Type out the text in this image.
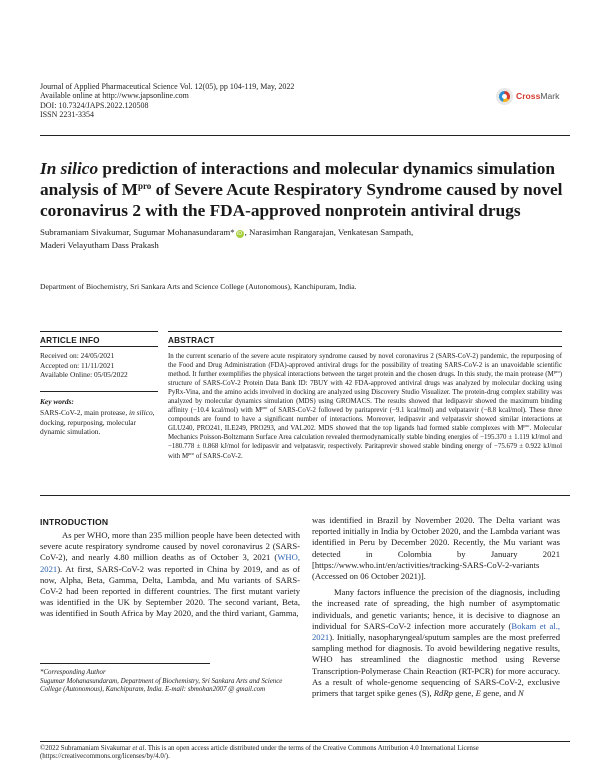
Journal of Applied Pharmaceutical Science Vol. 12(05), pp 104-119, May, 2022
Available online at http://www.japsonline.com
DOI: 10.7324/JAPS.2022.120508
ISSN 2231-3354
CrossMark
In silico prediction of interactions and molecular dynamics simulation analysis of $M^{pro}$ of Severe Acute Respiratory Syndrome caused by novel coronavirus 2 with the FDA-approved nonprotein antiviral drugs
Subramaniam Sivakumar, Sugumar Mohanasundaram* iD , Narasimhan Rangarajan, Venkatesan Sampath,
Maderi Velayutham Dass Prakash
Department of Biochemistry, Sri Sankara Arts and Science College (Autonomous), Kanchipuram, India.
ARTICLE INFO	ABSTRACT
Received on: 24/05/2021
Accepted on: 11/11/2021
Available Online: 05/05/2022
Key words:
SARS-CoV-2, main protease, in silico, docking, repurposing, molecular dynamic simulation.
In the current scenario of the severe acute respiratory syndrome caused by novel coronavirus 2 (SARS-CoV-2) pandemic, the repurposing of the Food and Drug Administration (FDA)-approved antiviral drugs for the possibility of treating SARS-CoV-2 is an unavoidable scientific method. It further exemplifies the physical interactions between the target protein and the chosen drugs. In this study, the main protease $(M^{pro})$ structure of SARS-CoV-2 Protein Data Bank ID: 7BUY with 42 FDA-approved antiviral drugs was analyzed by molecular docking using PyRx-Vina, and the amino acids involved in docking are analyzed using Discovery Studio Visualizer. The protein-drug complex stability was analyzed by molecular dynamics simulation (MDS) using GROMACS. The results showed that ledipasvir showed the maximum binding affinity (−10.4 kcal/mol) with $M^{pro}$ of SARS-CoV-2 followed by paritaprevir (−9.1 kcal/mol) and velpatasvir (−8.8 kcal/mol). These three compounds are found to have a significant number of interactions. Moreover, ledipasvir and velpatasvir showed similar interactions at GLU240, PRO241, ILE249, PRO293, and VAL202. MDS showed that the top ligands had formed stable complexes with $M^{pro}$. Molecular Mechanics Poisson-Boltzmann Surface Area calculation revealed thermodynamically stable binding energies of −195.370 ± 1.119 kJ/mol and −180.778 ± 0.868 kJ/mol for ledipasvir and velpatasvir, respectively. Paritaprevir showed stable binding energy of −75.679 ± 0.922 kJ/mol with $M^{pro}$ of SARS-CoV-2.
INTRODUCTION

As per WHO, more than 235 million people have been detected with severe acute respiratory syndrome caused by novel coronavirus 2 (SARS-CoV-2), and nearly 4.80 million deaths as of October 3, 2021 (WHO, 2021). At first, SARS-CoV-2 was reported in China by 2019, and as of now, Alpha, Beta, Gamma, Delta, Lambda, and Mu variants of SARS-CoV-2 had been reported in different countries. The first mutant variety was identified in the UK by September 2020. The second variant, Beta, was identified in South Africa by May 2020, and the third variant, Gamma,

was identified in Brazil by November 2020. The Delta variant was reported initially in India by October 2020, and the Lambda variant was identified in Peru by December 2020. Recently, the Mu variant was detected in Colombia by January 2021 [https://www.who.int/en/activities/tracking-SARS-CoV-2-variants (Accessed on 06 October 2021)].

Many factors influence the precision of the diagnosis, including the increased rate of spreading, the high number of asymptomatic individuals, and genetic variants; hence, it is decisive to diagnose an individual for SARS-CoV-2 infection more accurately (Bokam et al., 2021). Initially, nasopharyngeal/sputum samples are the most preferred sampling method for diagnosis. To avoid bewildering negative results, WHO has streamlined the diagnostic method using Reverse Transcription-Polymerase Chain Reaction (RT-PCR) for more accuracy. As a result of whole-genome sequencing of SARS-CoV-2, exclusive primers that target spike genes (S), RdRp gene, E gene, and N

*Corresponding Author
Sugumar Mohanasundaram, Department of Biochemistry, Sri Sankara Arts and Science College (Autonomous), Kanchipuram, India. E-mail: sbmohan2007 @ gmail.com
©2022 Subramaniam Sivakumar et al. This is an open access article distributed under the terms of the Creative Commons Attribution 4.0 International License (https://creativecommons.org/licenses/by/4.0/).
